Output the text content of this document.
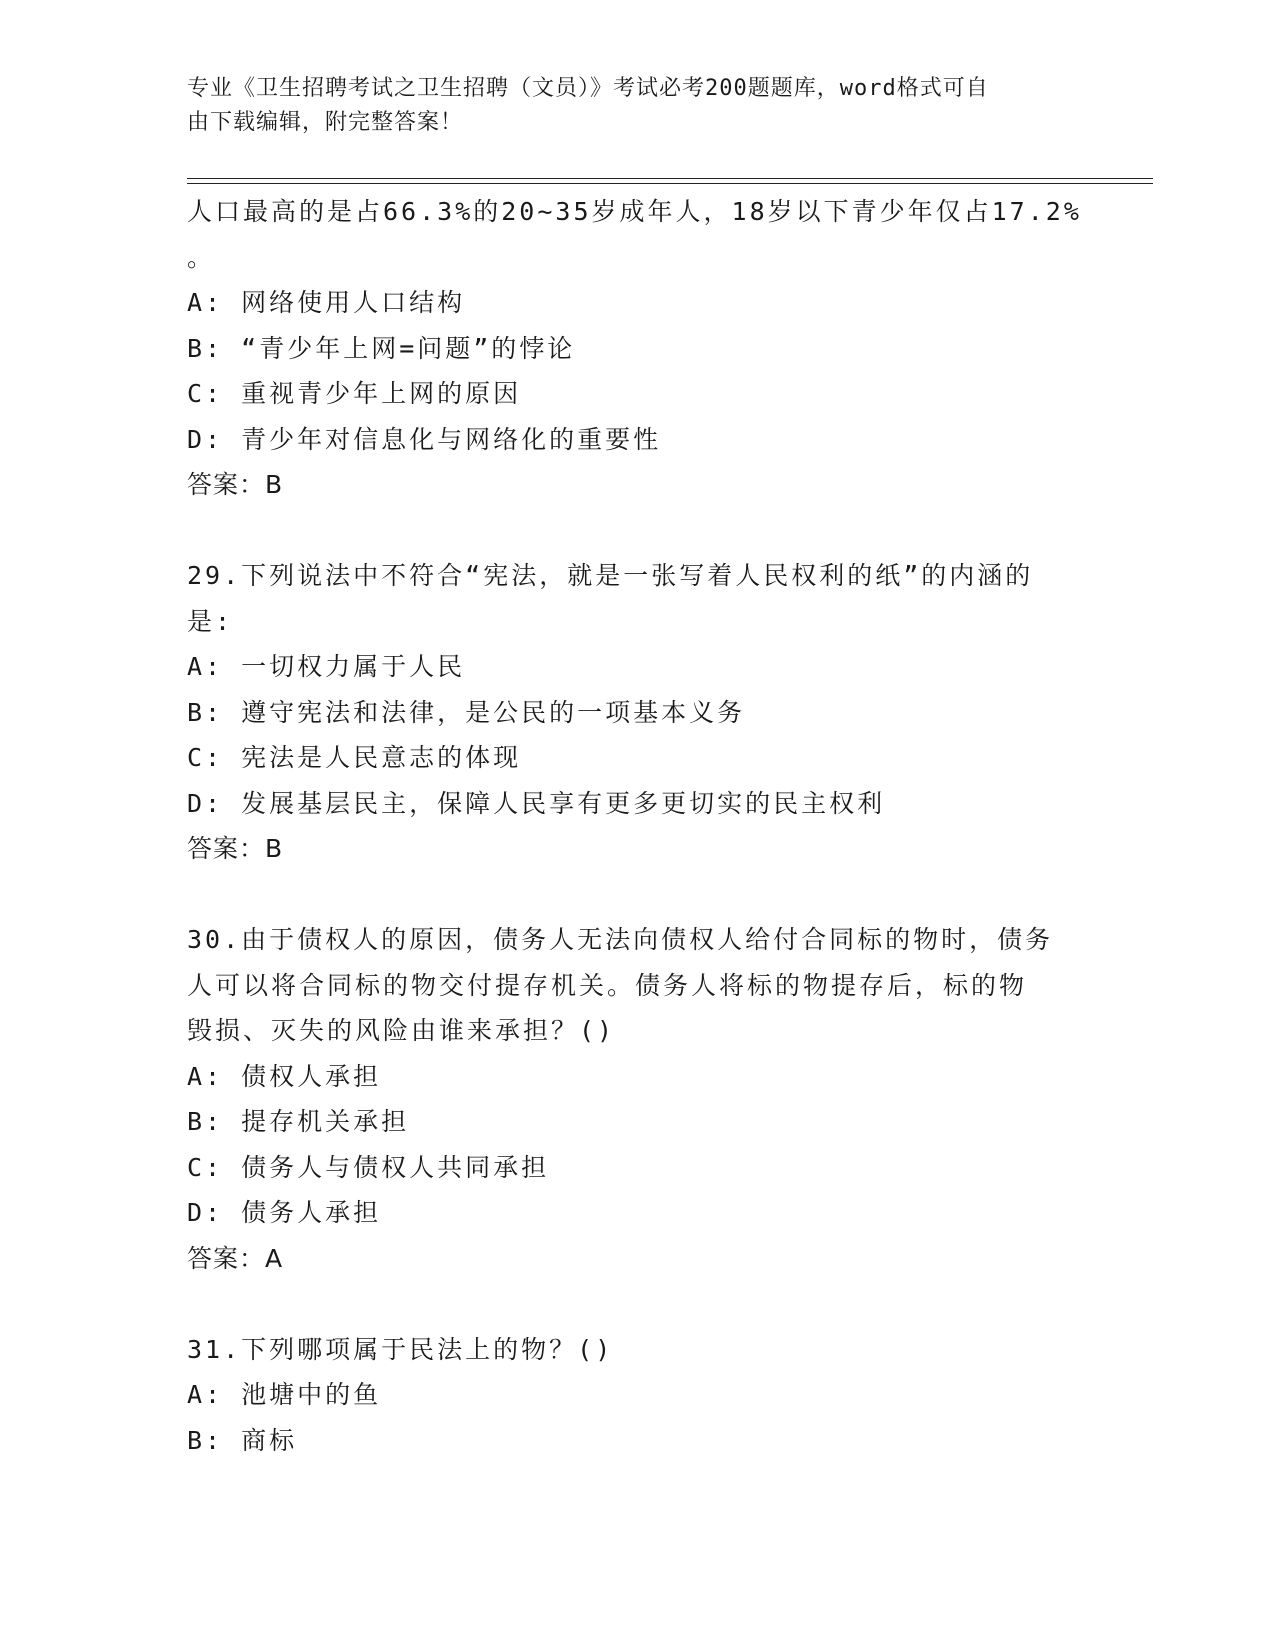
专业《卫生招聘考试之卫生招聘（文员）》考试必考200题题库，word格式可自
由下载编辑，附完整答案！
人口最高的是占66.3%的20~35岁成年人，18岁以下青少年仅占17.2%
。
A: 网络使用人口结构
B: “青少年上网=问题”的悖论
C: 重视青少年上网的原因
D: 青少年对信息化与网络化的重要性
答案：B
29.下列说法中不符合“宪法，就是一张写着人民权利的纸”的内涵的
是:
A: 一切权力属于人民
B: 遵守宪法和法律，是公民的一项基本义务
C: 宪法是人民意志的体现
D: 发展基层民主，保障人民享有更多更切实的民主权利
答案：B
30.由于债权人的原因，债务人无法向债权人给付合同标的物时，债务
人可以将合同标的物交付提存机关。债务人将标的物提存后，标的物
毁损、灭失的风险由谁来承担？()
A: 债权人承担
B: 提存机关承担
C: 债务人与债权人共同承担
D: 债务人承担
答案：A
31.下列哪项属于民法上的物？()
A: 池塘中的鱼
B: 商标
